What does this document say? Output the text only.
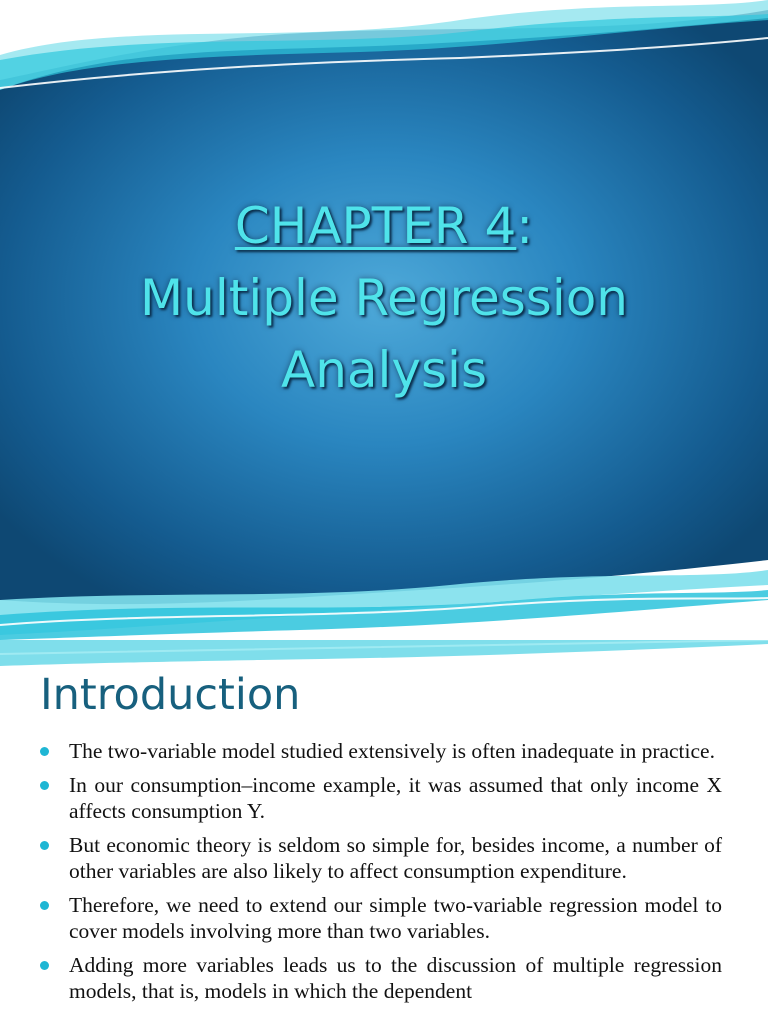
CHAPTER 4:
Multiple Regression
Analysis
Introduction
The two-variable model studied extensively is often inadequate in practice.
In our consumption–income example, it was assumed that only income X affects consumption Y.
But economic theory is seldom so simple for, besides income, a number of other variables are also likely to affect consumption expenditure.
Therefore, we need to extend our simple two-variable regression model to cover models involving more than two variables.
Adding more variables leads us to the discussion of multiple regression models, that is, models in which the dependent
